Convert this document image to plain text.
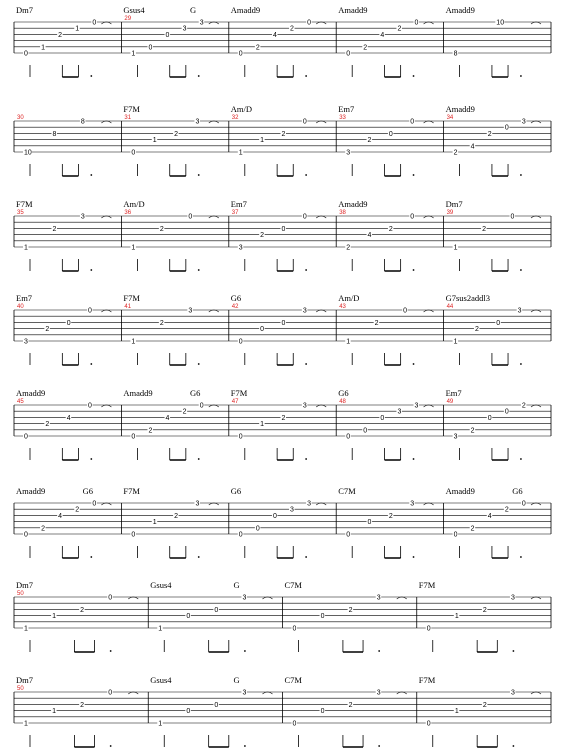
Dm7
0
1
2
1
0
29
Gsus4	G
1
0
0
3
3
Amadd9
0
2
4
2
0
Amadd9
0
2
4
2
0
Amadd9
8
10
30
10
8
8
31
F7M
0
1
2
3
32
Am/D
1
1
2
0
33
Em7
3
2
0
0
34
Amadd9
2
4
2
0
3
35
F7M
1
2
3
36
Am/D
1
2
0
37
Em7
3
2
0
0
38
Amadd9
2
4
2
0
39
Dm7
1
2
0
40
Em7
3
2
0
0
41
F7M
1
2
3
42
G6
0
0
0
3
43
Am/D
1
2
0
44
G7sus2addl3
1
2
0
3
45
Amadd9
0
2
4
0
Amadd9	G6
0
2
4
2
0
47
F7M
0
1
2
3
48
G6
0
0
0
3
3
49
Em7
3
2
0
0
2
Amadd9	G6
0
2
4
2
0
F7M
0
1
2
3
G6
0
0
0
3
3
C7M
0
0
2
3
Amadd9	G6
0
2
4
2
0
50
Dm7
1
1
2
0
Gsus4	G
1
0
0
3
C7M
0
0
2
3
F7M
0
1
2
3
50
Dm7
1
1
2
0
Gsus4	G
1
0
0
3
C7M
0
0
2
3
F7M
0
1
2
3
